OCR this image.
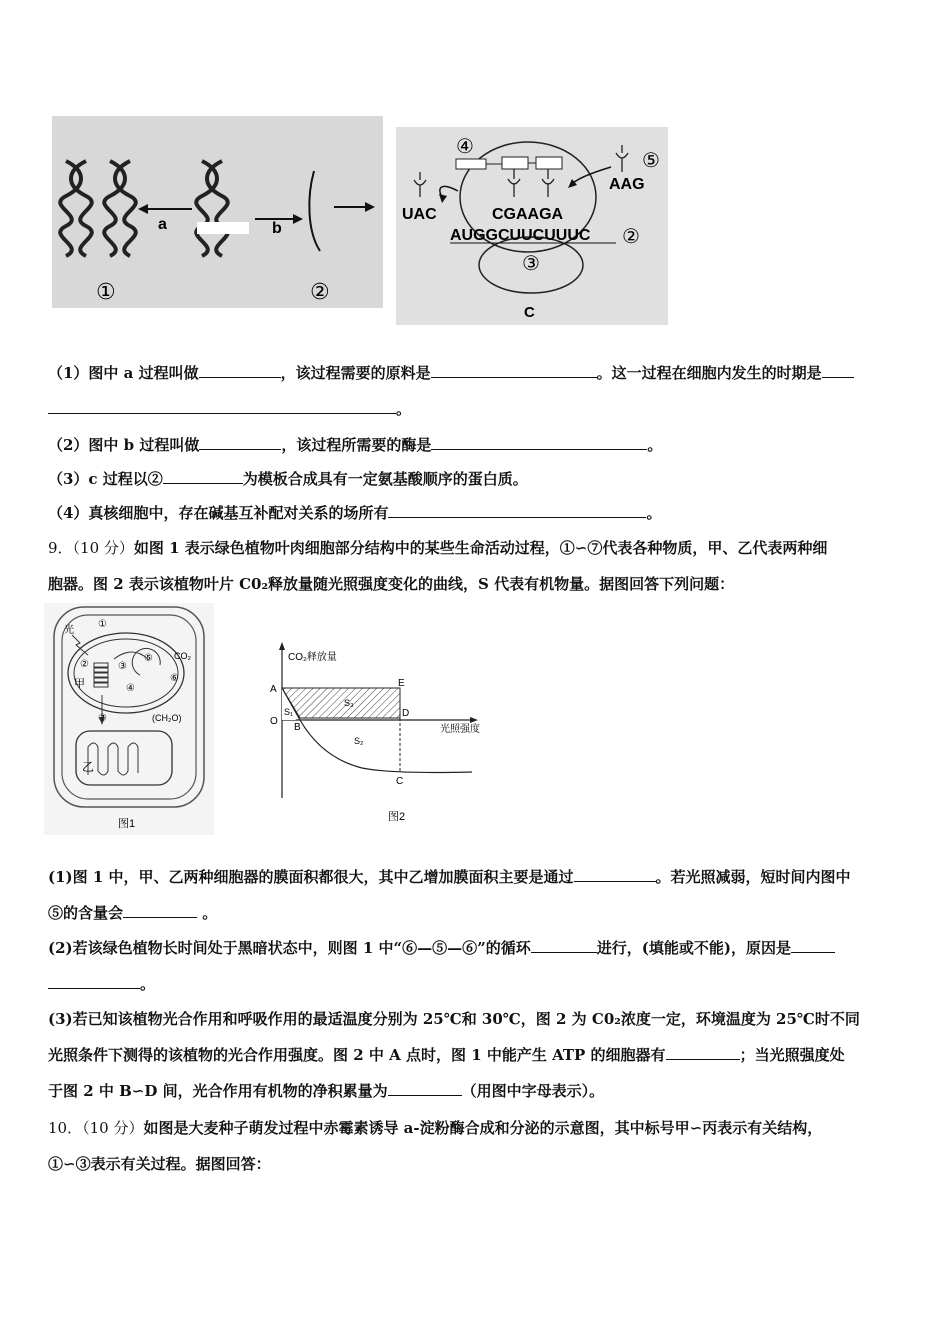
a	b
①	②
④
⑤
AAG
UAC	CGAAGA
AUGGCUUCUUUC ②
③
C
（1）图中 a 过程叫做	，该过程需要的原料是	。这一过程在细胞内发生的时期是
。
（2）图中 b 过程叫做	，该过程所需要的酶是	。
（3）c 过程以②	为模板合成具有一定氨基酸顺序的蛋白质。
（4）真核细胞中，存在碱基互补配对关系的场所有	。
9．（10 分）如图 1 表示绿色植物叶肉细胞部分结构中的某些生命活动过程，①∽⑦代表各种物质，甲、乙代表两种细
胞器。图 2 表示该植物叶片 C0₂释放量随光照强度变化的曲线，S 代表有机物量。据图回答下列问题：
光
①
②	③
④
⑤
⑥
⑦
甲
乙
CO₂
(CH₂O)
图1
CO₂释放量
光照强度
A
O
B
C
D
E
S₁
S₂
S₃
图2
(1)图 1 中，甲、乙两种细胞器的膜面积都很大，其中乙增加膜面积主要是通过	。若光照减弱，短时间内图中
⑤的含量会	。
(2)若该绿色植物长时间处于黑暗状态中，则图 1 中“⑥—⑤—⑥”的循环	进行，(填能或不能)，原因是
。
(3)若已知该植物光合作用和呼吸作用的最适温度分别为 25℃和 30℃，图 2 为 C0₂浓度一定，环境温度为 25℃时不同
光照条件下测得的该植物的光合作用强度。图 2 中 A 点时，图 1 中能产生 ATP 的细胞器有	；当光照强度处
于图 2 中 B∽D 间，光合作用有机物的净积累量为	（用图中字母表示）。
10．（10 分）如图是大麦种子萌发过程中赤霉素诱导 a-淀粉酶合成和分泌的示意图，其中标号甲∽丙表示有关结构，
①∽③表示有关过程。据图回答：
